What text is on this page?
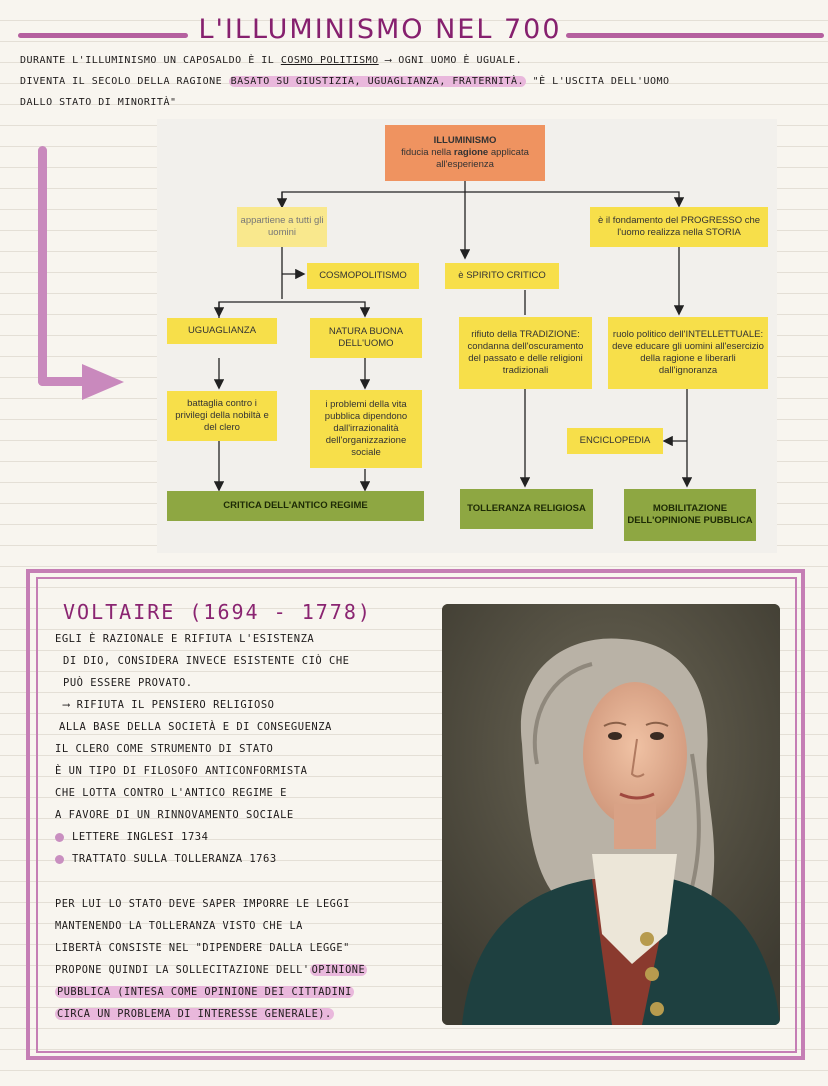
L'ILLUMINISMO NEL 700
DURANTE L'ILLUMINISMO UN CAPOSALDO È IL COSMO POLITISMO ⟶ OGNI UOMO È UGUALE.
DIVENTA IL SECOLO DELLA RAGIONE BASATO SU GIUSTIZIA, UGUAGLIANZA, FRATERNITÀ. "È L'USCITA DELL'UOMO
DALLO STATO DI MINORITÀ"
ILLUMINISMO
fiducia nella ragione applicata
all'esperienza
appartiene a tutti gli uomini
è il fondamento del PROGRESSO che l'uomo realizza nella STORIA
COSMOPOLITISMO	è SPIRITO CRITICO
UGUAGLIANZA	NATURA BUONA DELL'UOMO
rifiuto della TRADIZIONE: condanna dell'oscuramento del passato e delle religioni tradizionali
ruolo politico dell'INTELLETTUALE: deve educare gli uomini all'esercizio della ragione e liberarli dall'ignoranza
battaglia contro i privilegi della nobiltà e del clero
i problemi della vita pubblica dipendono dall'irrazionalità dell'organizzazione sociale
ENCICLOPEDIA
CRITICA DELL'ANTICO REGIME	TOLLERANZA RELIGIOSA	MOBILITAZIONE DELL'OPINIONE PUBBLICA
VOLTAIRE (1694 - 1778)
EGLI È RAZIONALE E RIFIUTA L'ESISTENZA
DI DIO, CONSIDERA INVECE ESISTENTE CIÒ CHE
PUÒ ESSERE PROVATO.
⟶ RIFIUTA IL PENSIERO RELIGIOSO
ALLA BASE DELLA SOCIETÀ E DI CONSEGUENZA
IL CLERO COME STRUMENTO DI STATO
È UN TIPO DI FILOSOFO ANTICONFORMISTA
CHE LOTTA CONTRO L'ANTICO REGIME E
A FAVORE DI UN RINNOVAMENTO SOCIALE
LETTERE INGLESI 1734
TRATTATO SULLA TOLLERANZA 1763
PER LUI LO STATO DEVE SAPER IMPORRE LE LEGGI
MANTENENDO LA TOLLERANZA VISTO CHE LA
LIBERTÀ CONSISTE NEL "DIPENDERE DALLA LEGGE"
PROPONE QUINDI LA SOLLECITAZIONE DELL' OPINIONE
PUBBLICA (INTESA COME OPINIONE DEI CITTADINI
CIRCA UN PROBLEMA DI INTERESSE GENERALE).
